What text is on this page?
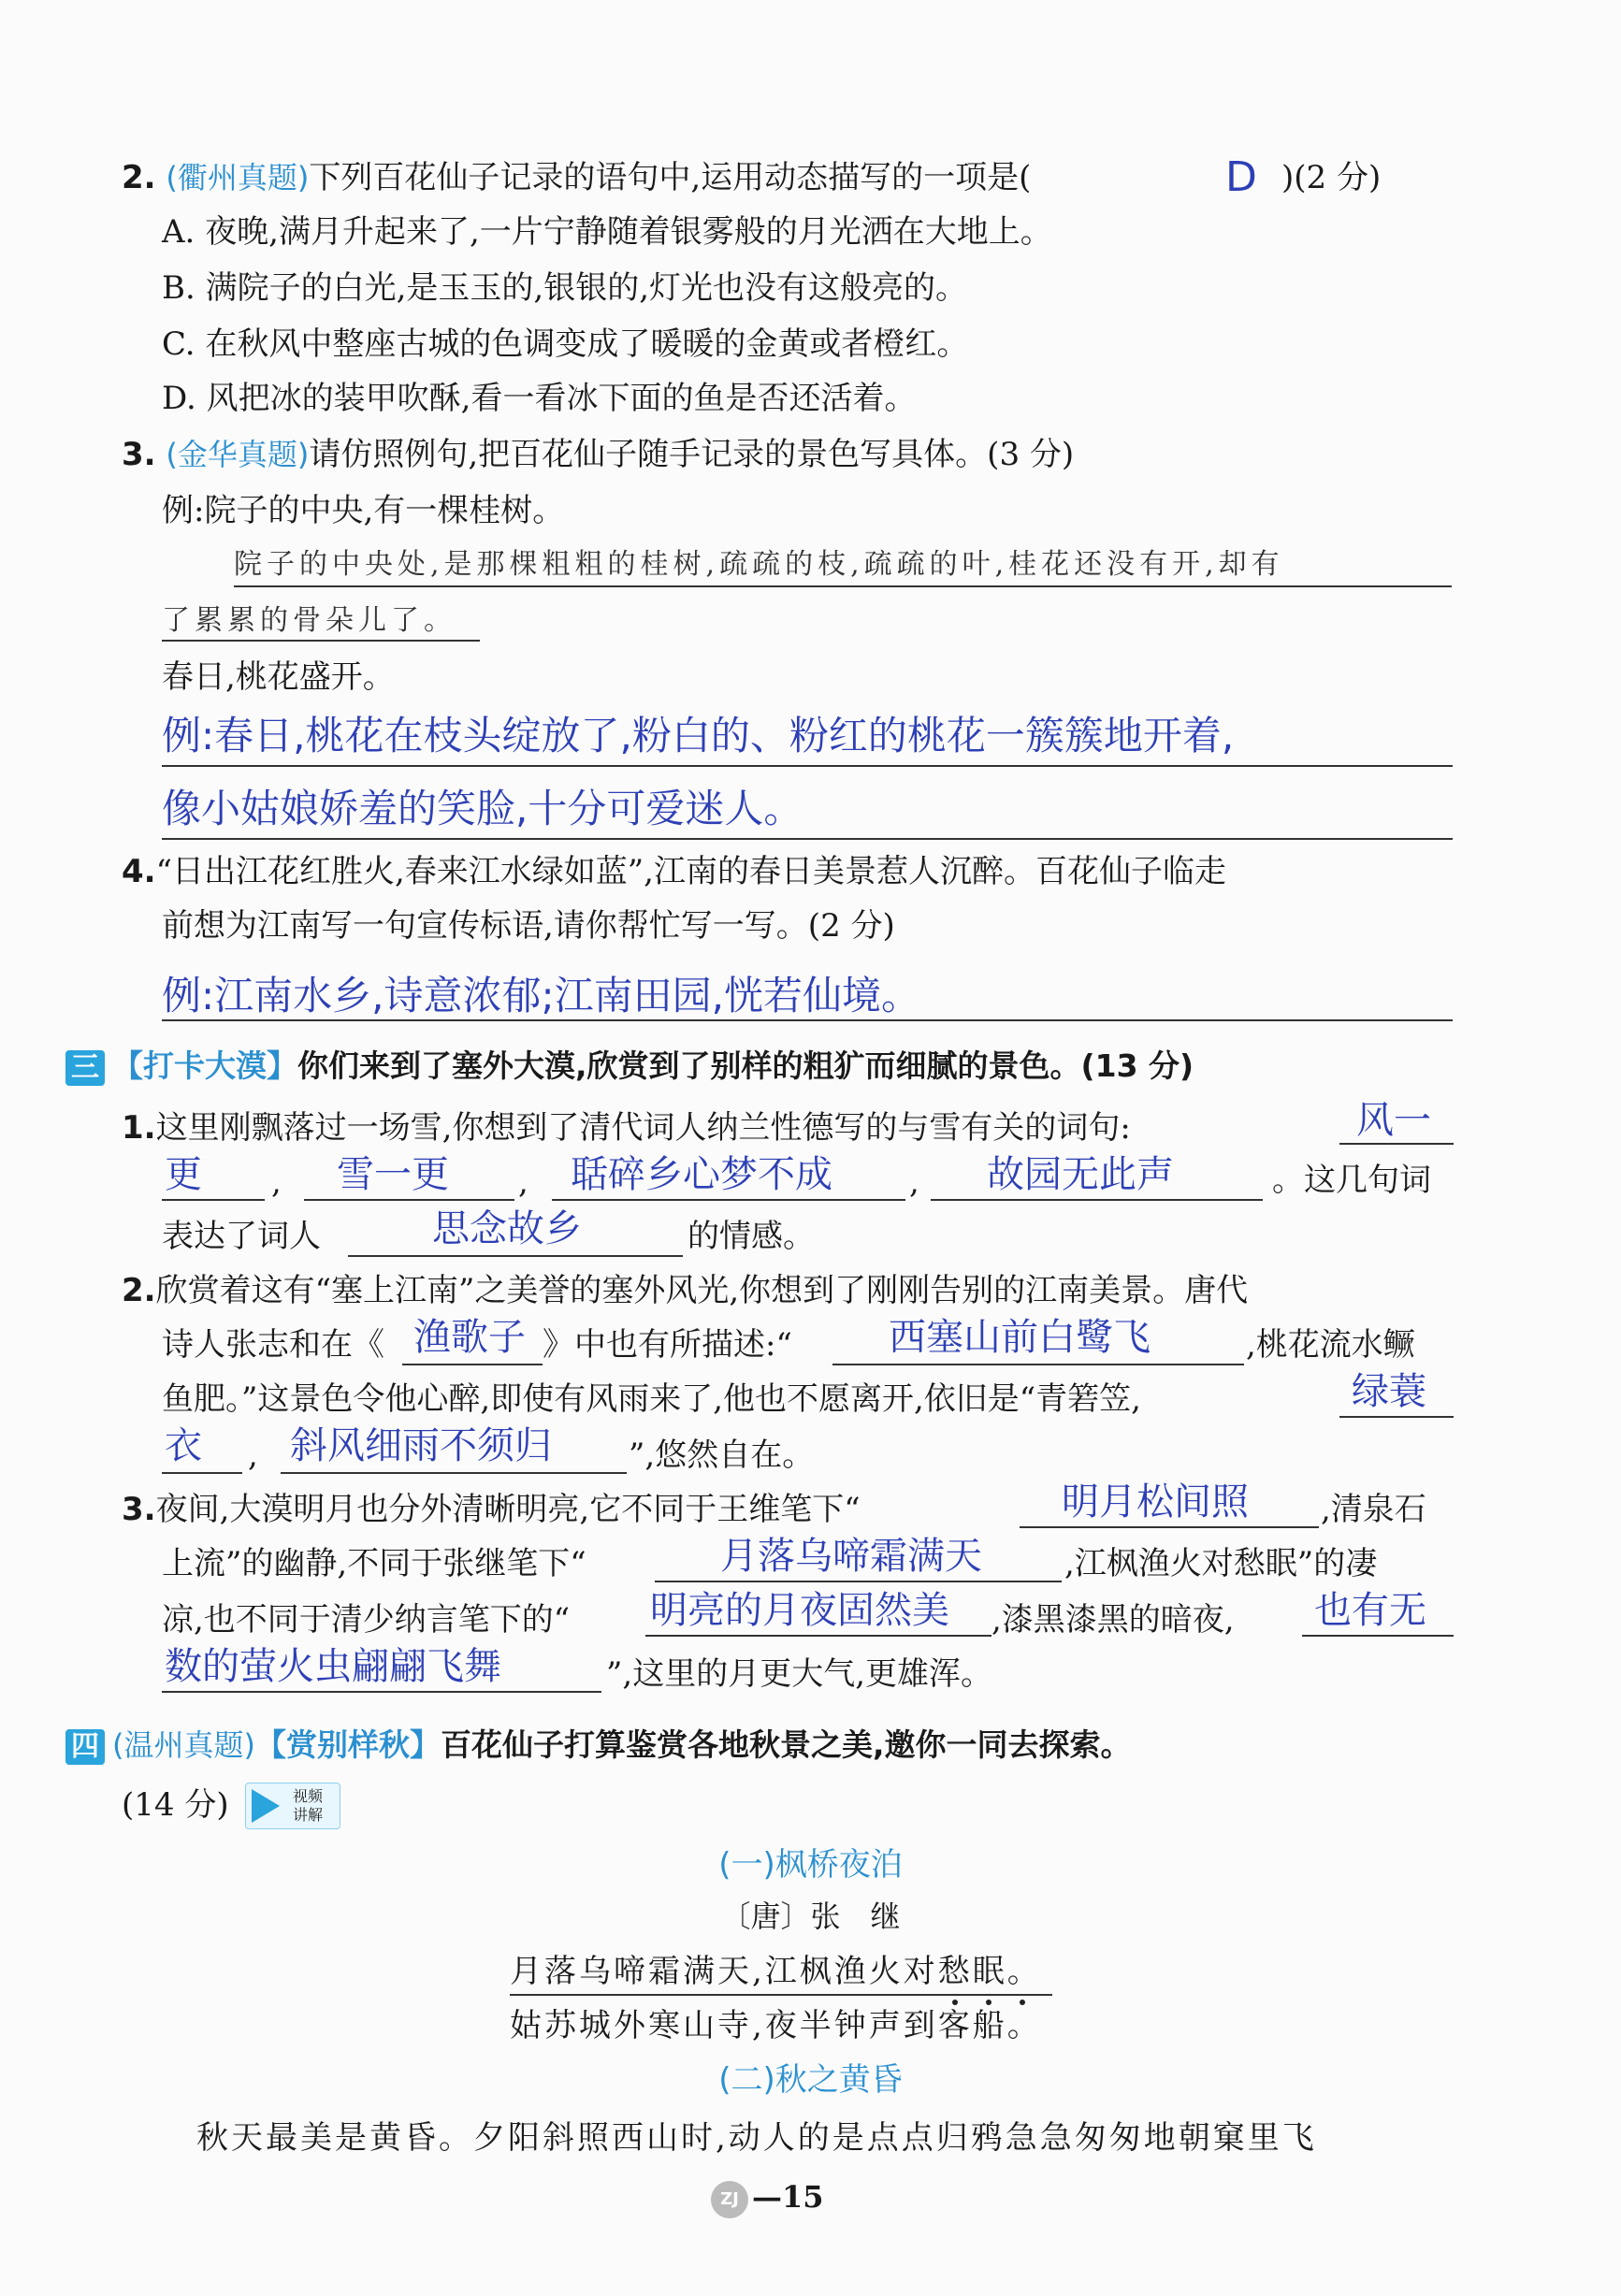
2. (衢州真题)下列百花仙子记录的语句中,运用动态描写的一项是(	D )(2 分)
A. 夜晚,满月升起来了,一片宁静随着银雾般的月光洒在大地上。
B. 满院子的白光,是玉玉的,银银的,灯光也没有这般亮的。
C. 在秋风中整座古城的色调变成了暖暖的金黄或者橙红。
D. 风把冰的装甲吹酥,看一看冰下面的鱼是否还活着。
3. (金华真题)请仿照例句,把百花仙子随手记录的景色写具体。(3 分)
例:院子的中央,有一棵桂树。
院子的中央处,是那棵粗粗的桂树,疏疏的枝,疏疏的叶,桂花还没有开,却有
了累累的骨朵儿了。
春日,桃花盛开。
例:春日,桃花在枝头绽放了,粉白的、粉红的桃花一簇簇地开着,
像小姑娘娇羞的笑脸,十分可爱迷人。
4.“日出江花红胜火,春来江水绿如蓝”,江南的春日美景惹人沉醉。百花仙子临走
前想为江南写一句宣传标语,请你帮忙写一写。(2 分)
例:江南水乡,诗意浓郁;江南田园,恍若仙境。
三 【打卡大漠】你们来到了塞外大漠,欣赏到了别样的粗犷而细腻的景色。(13 分)
1.这里刚飘落过一场雪,你想到了清代词人纳兰性德写的与雪有关的词句:	风一
更 , 雪一更 , 聒碎乡心梦不成 , 故园无此声	。这几句词
表达了词人	思念故乡	的情感。
2.欣赏着这有“塞上江南”之美誉的塞外风光,你想到了刚刚告别的江南美景。唐代
诗人张志和在《 渔歌子 》中也有所描述:“	西塞山前白鹭飞	,桃花流水鳜
鱼肥。”这景色令他心醉,即使有风雨来了,他也不愿离开,依旧是“青箬笠,	绿蓑
衣 , 斜风细雨不须归 ”,悠然自在。
3.夜间,大漠明月也分外清晰明亮,它不同于王维笔下“	明月松间照 ,清泉石
上流”的幽静,不同于张继笔下“	月落乌啼霜满天	,江枫渔火对愁眠”的凄
凉,也不同于清少纳言笔下的“ 明亮的月夜固然美 ,漆黑漆黑的暗夜, 也有无
数的萤火虫翩翩飞舞	”,这里的月更大气,更雄浑。
四 (温州真题)【赏别样秋】百花仙子打算鉴赏各地秋景之美,邀你一同去探索。
(14 分)	视频讲解
(一)枫桥夜泊
〔唐〕张　继
月落乌啼霜满天,江枫渔火对愁眠。
姑苏城外寒山寺,夜半钟声到客船。
(二)秋之黄昏
秋天最美是黄昏。夕阳斜照西山时,动人的是点点归鸦急急匆匆地朝窠里飞
ZJ —15
